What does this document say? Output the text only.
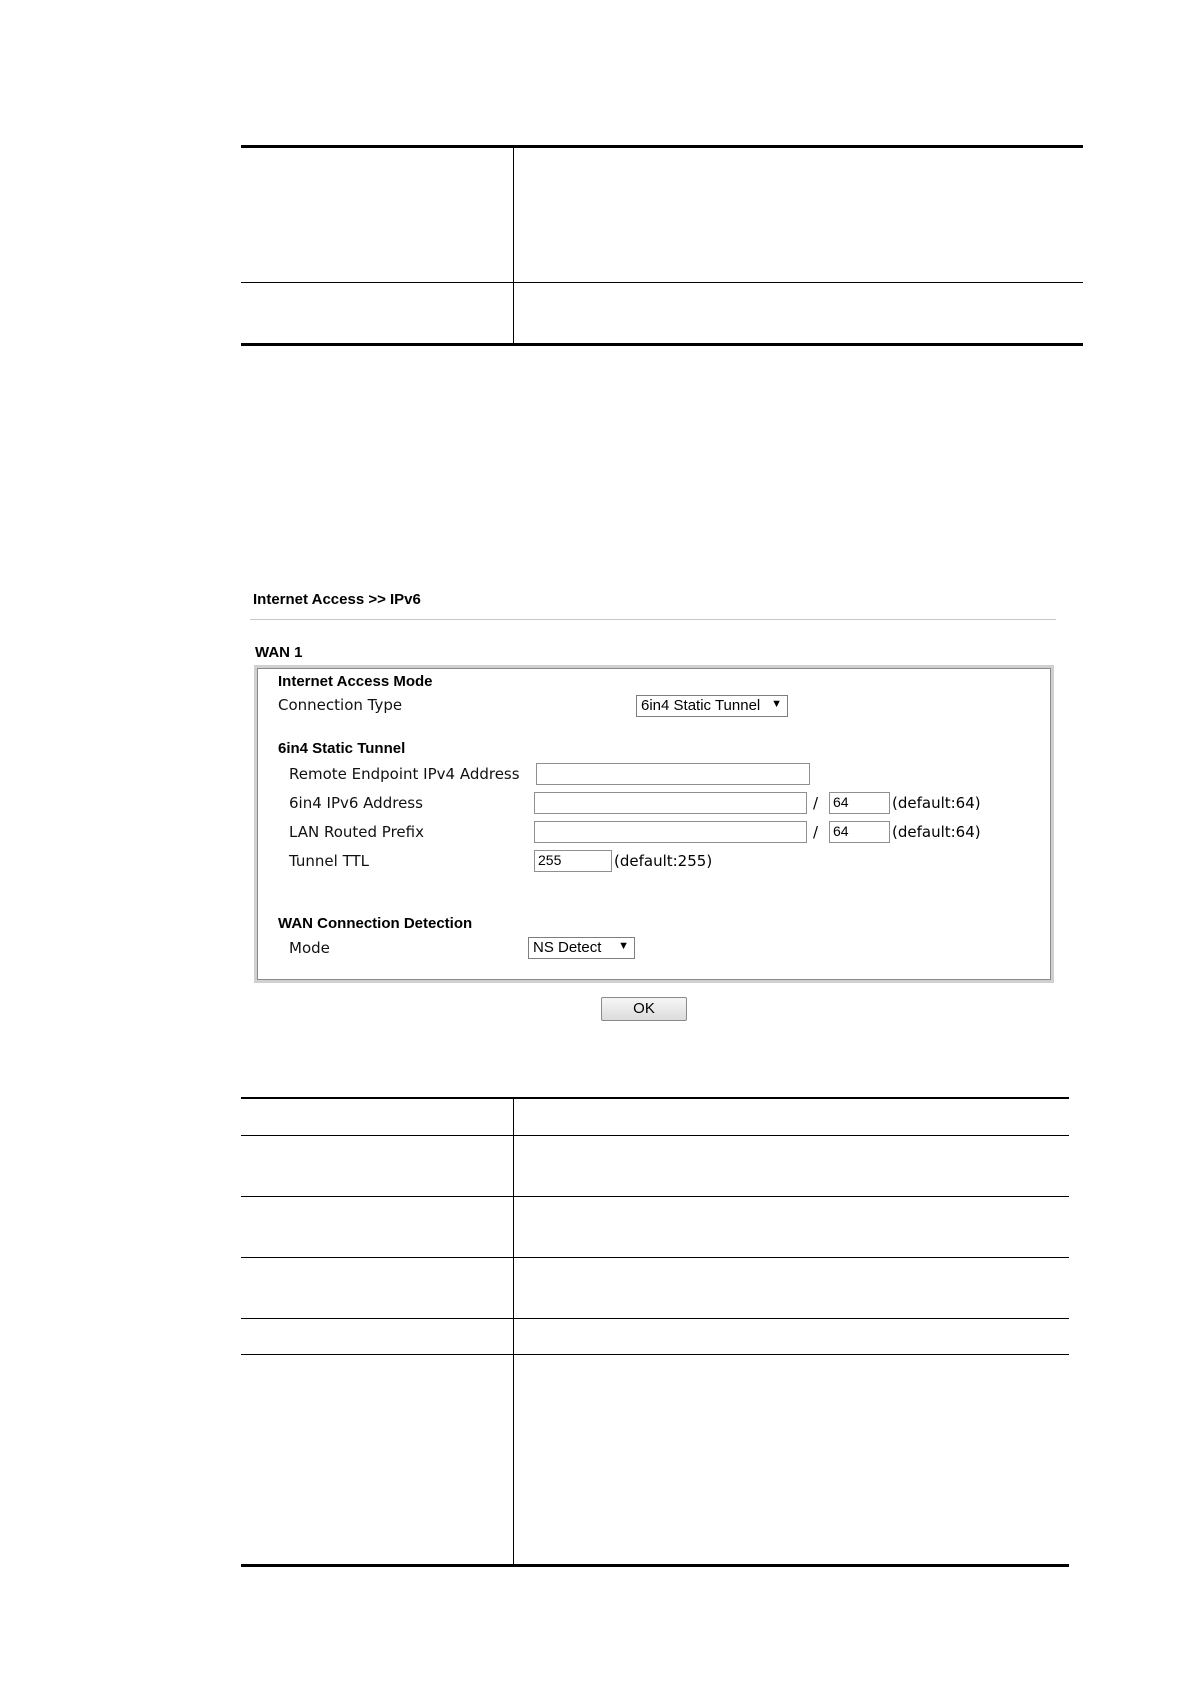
Internet Access >> IPv6
WAN 1
Internet Access Mode
Connection Type	6in4 Static Tunnel ▼
6in4 Static Tunnel
Remote Endpoint IPv4 Address
6in4 IPv6 Address	/ 64	(default:64)
LAN Routed Prefix	/ 64	(default:64)
Tunnel TTL	255	(default:255)
WAN Connection Detection
Mode	NS Detect ▼
OK
